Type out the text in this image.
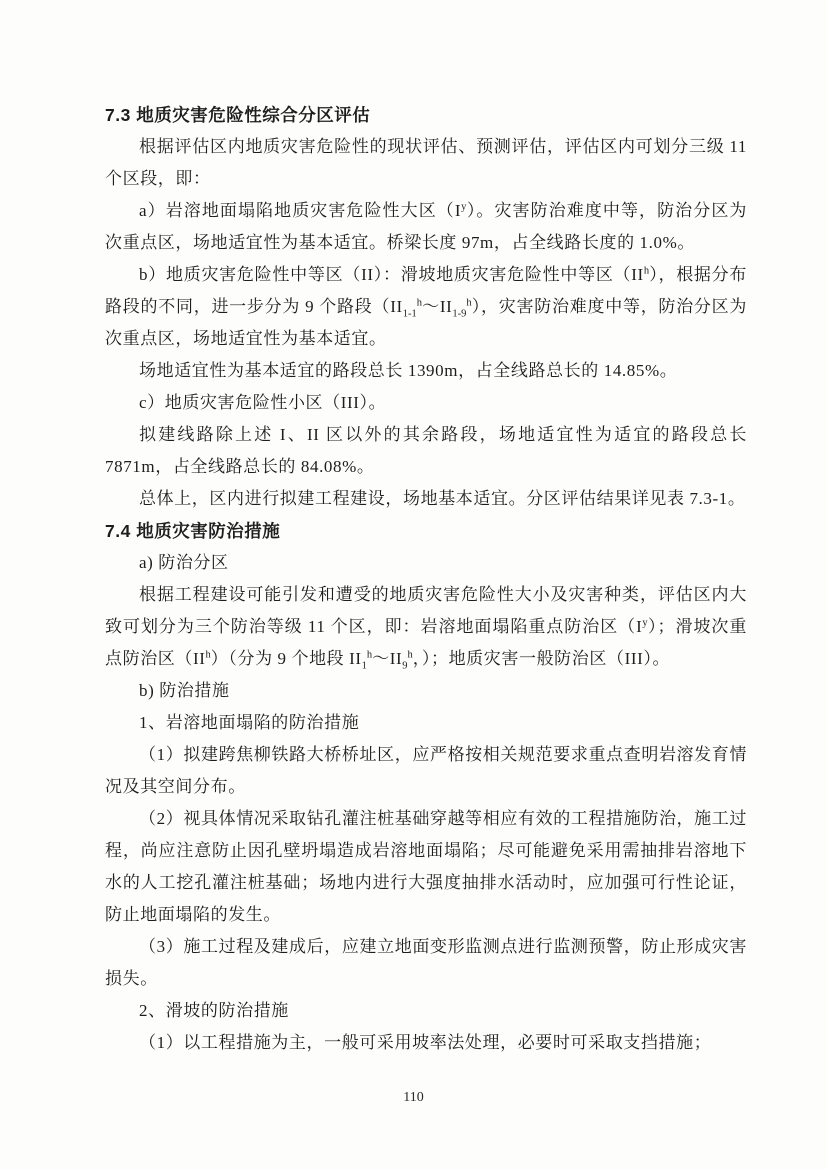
7.3 地质灾害危险性综合分区评估

根据评估区内地质灾害危险性的现状评估、预测评估，评估区内可划分三级 11 个区段，即：

a）岩溶地面塌陷地质灾害危险性大区$(I^y)$。灾害防治难度中等，防治分区为次重点区，场地适宜性为基本适宜。桥梁长度 97m，占全线路长度的 1.0%。

b）地质灾害危险性中等区（II）：滑坡地质灾害危险性中等区$(II^h)$，根据分布路段的不同，进一步分为 9 个路段$(II_{1-1}^h\sim II_{1-9}^h)$，灾害防治难度中等，防治分区为次重点区，场地适宜性为基本适宜。

场地适宜性为基本适宜的路段总长 1390m，占全线路总长的 14.85%。

c）地质灾害危险性小区（III）。

拟建线路除上述 I、II 区以外的其余路段，场地适宜性为适宜的路段总长 7871m，占全线路总长的 84.08%。

总体上，区内进行拟建工程建设，场地基本适宜。分区评估结果详见表 7.3-1。

7.4 地质灾害防治措施

a) 防治分区

根据工程建设可能引发和遭受的地质灾害危险性大小及灾害种类，评估区内大致可划分为三个防治等级 11 个区，即：岩溶地面塌陷重点防治区$(I^y)$；滑坡次重点防治区$(II^h)$（分为 9 个地段 $II_1^h\sim II_9^h$，）；地质灾害一般防治区（III）。

b) 防治措施

1、岩溶地面塌陷的防治措施

（1）拟建跨焦柳铁路大桥桥址区，应严格按相关规范要求重点查明岩溶发育情况及其空间分布。

（2）视具体情况采取钻孔灌注桩基础穿越等相应有效的工程措施防治，施工过程，尚应注意防止因孔壁坍塌造成岩溶地面塌陷；尽可能避免采用需抽排岩溶地下水的人工挖孔灌注桩基础；场地内进行大强度抽排水活动时，应加强可行性论证，防止地面塌陷的发生。

（3）施工过程及建成后，应建立地面变形监测点进行监测预警，防止形成灾害损失。

2、滑坡的防治措施

（1）以工程措施为主，一般可采用坡率法处理，必要时可采取支挡措施；

110
